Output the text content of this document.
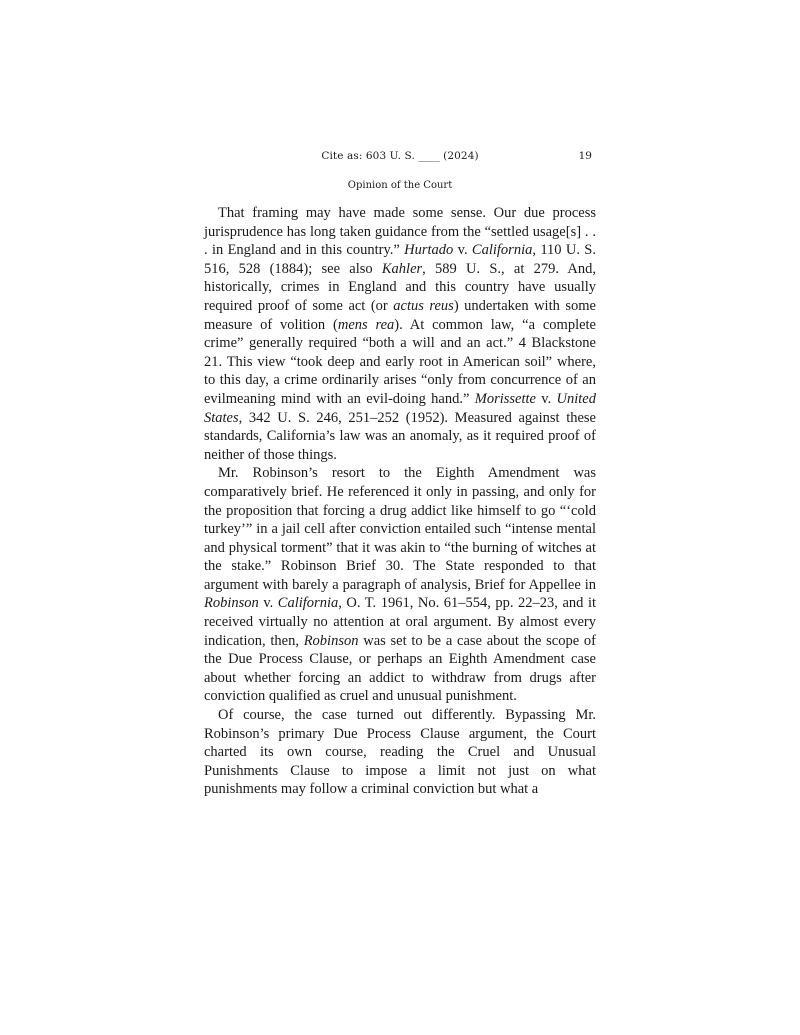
Cite as: 603 U. S. ____ (2024)	19
Opinion of the Court

That framing may have made some sense. Our due process jurisprudence has long taken guidance from the “settled usage[s] . . . in England and in this country.” Hurtado v. California, 110 U. S. 516, 528 (1884); see also Kahler, 589 U. S., at 279. And, historically, crimes in England and this country have usually required proof of some act (or actus reus) undertaken with some measure of volition (mens rea). At common law, “a complete crime” generally required “both a will and an act.” 4 Blackstone 21. This view “took deep and early root in American soil” where, to this day, a crime ordinarily arises “only from concurrence of an evilmeaning mind with an evil-doing hand.” Morissette v. United States, 342 U. S. 246, 251–252 (1952). Measured against these standards, California’s law was an anomaly, as it required proof of neither of those things.

Mr. Robinson’s resort to the Eighth Amendment was comparatively brief. He referenced it only in passing, and only for the proposition that forcing a drug addict like himself to go “‘cold turkey’” in a jail cell after conviction entailed such “intense mental and physical torment” that it was akin to “the burning of witches at the stake.” Robinson Brief 30. The State responded to that argument with barely a paragraph of analysis, Brief for Appellee in Robinson v. California, O. T. 1961, No. 61–554, pp. 22–23, and it received virtually no attention at oral argument. By almost every indication, then, Robinson was set to be a case about the scope of the Due Process Clause, or perhaps an Eighth Amendment case about whether forcing an addict to withdraw from drugs after conviction qualified as cruel and unusual punishment.

Of course, the case turned out differently. Bypassing Mr. Robinson’s primary Due Process Clause argument, the Court charted its own course, reading the Cruel and Unusual Punishments Clause to impose a limit not just on what punishments may follow a criminal conviction but what a
